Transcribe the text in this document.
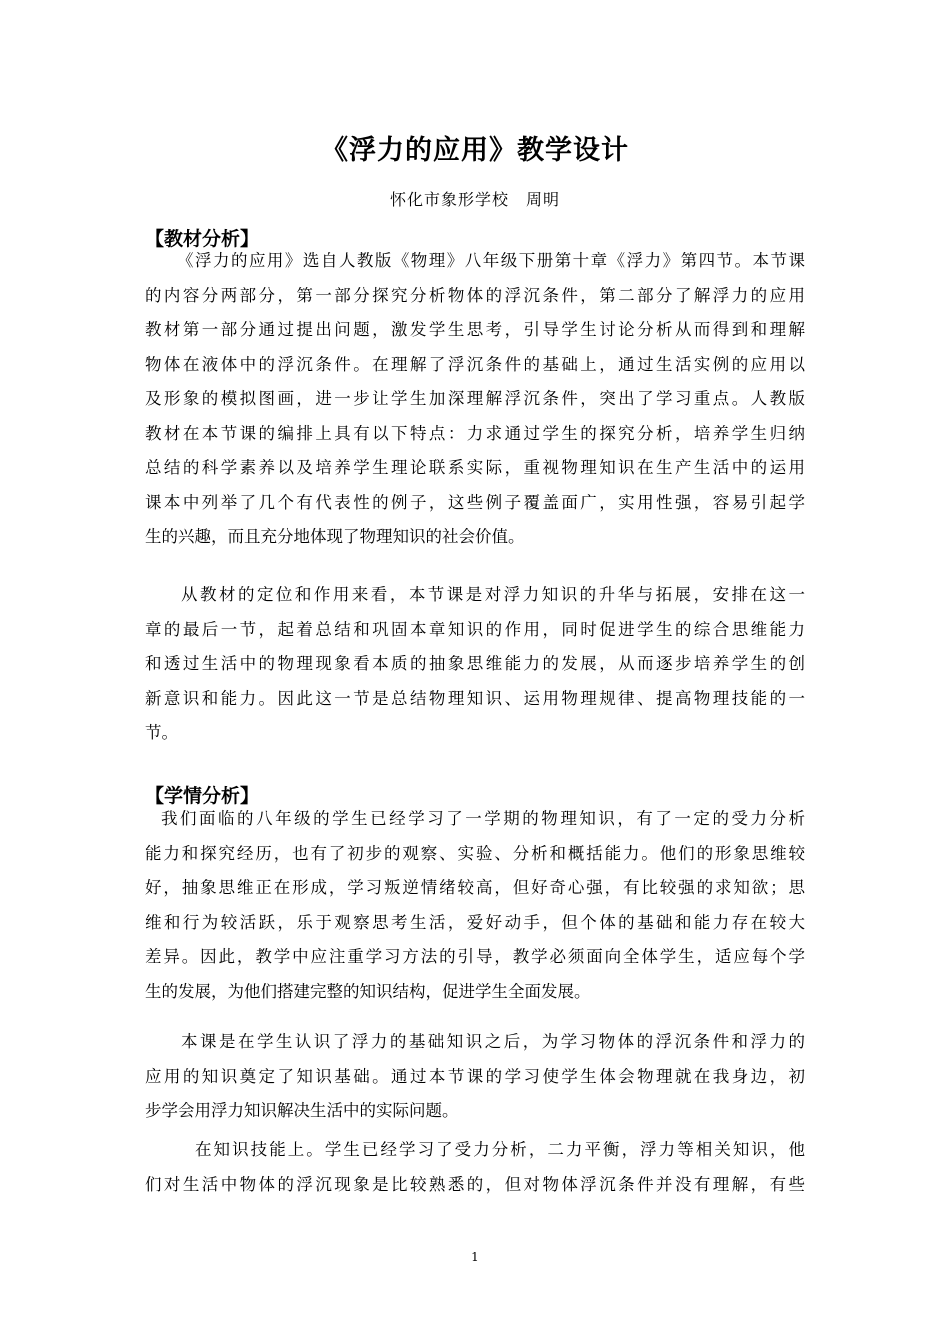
《浮力的应用》教学设计
怀化市象形学校　周明
【教材分析】
《浮力的应用》选自人教版《物理》八年级下册第十章《浮力》第四节。本节课
的内容分两部分，第一部分探究分析物体的浮沉条件，第二部分了解浮力的应用
教材第一部分通过提出问题，激发学生思考，引导学生讨论分析从而得到和理解
物体在液体中的浮沉条件。在理解了浮沉条件的基础上，通过生活实例的应用以
及形象的模拟图画，进一步让学生加深理解浮沉条件，突出了学习重点。人教版
教材在本节课的编排上具有以下特点：力求通过学生的探究分析，培养学生归纳
总结的科学素养以及培养学生理论联系实际，重视物理知识在生产生活中的运用
课本中列举了几个有代表性的例子，这些例子覆盖面广，实用性强，容易引起学
生的兴趣，而且充分地体现了物理知识的社会价值。
从教材的定位和作用来看，本节课是对浮力知识的升华与拓展，安排在这一
章的最后一节，起着总结和巩固本章知识的作用，同时促进学生的综合思维能力
和透过生活中的物理现象看本质的抽象思维能力的发展，从而逐步培养学生的创
新意识和能力。因此这一节是总结物理知识、运用物理规律、提高物理技能的一
节。
【学情分析】
我们面临的八年级的学生已经学习了一学期的物理知识，有了一定的受力分析
能力和探究经历，也有了初步的观察、实验、分析和概括能力。他们的形象思维较
好，抽象思维正在形成，学习叛逆情绪较高，但好奇心强，有比较强的求知欲；思
维和行为较活跃，乐于观察思考生活，爱好动手，但个体的基础和能力存在较大
差异。因此，教学中应注重学习方法的引导，教学必须面向全体学生，适应每个学
生的发展，为他们搭建完整的知识结构，促进学生全面发展。
本课是在学生认识了浮力的基础知识之后，为学习物体的浮沉条件和浮力的
应用的知识奠定了知识基础。通过本节课的学习使学生体会物理就在我身边，初
步学会用浮力知识解决生活中的实际问题。
在知识技能上。学生已经学习了受力分析，二力平衡，浮力等相关知识，他
们对生活中物体的浮沉现象是比较熟悉的，但对物体浮沉条件并没有理解，有些
1
